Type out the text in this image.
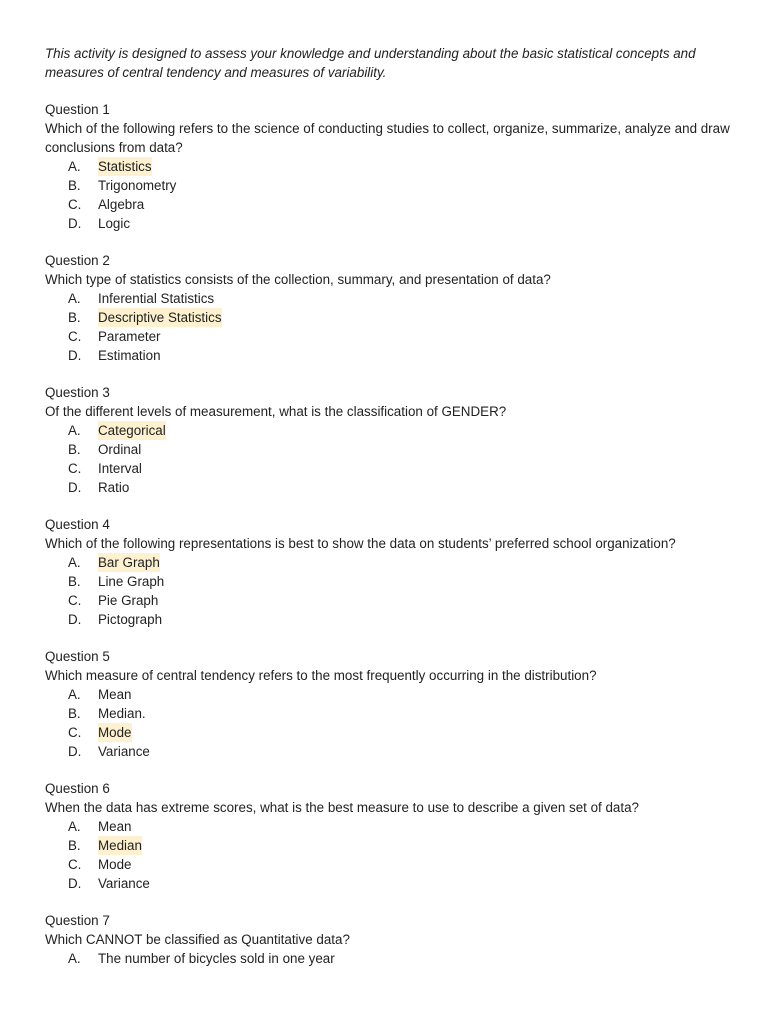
This activity is designed to assess your knowledge and understanding about the basic statistical concepts and measures of central tendency and measures of variability.

Question 1

Which of the following refers to the science of conducting studies to collect, organize, summarize, analyze and draw conclusions from data?

A.	Statistics
B.	Trigonometry
C.	Algebra
D.	Logic

Question 2

Which type of statistics consists of the collection, summary, and presentation of data?

A.	Inferential Statistics
B.	Descriptive Statistics
C.	Parameter
D.	Estimation

Question 3

Of the different levels of measurement, what is the classification of GENDER?

A.	Categorical
B.	Ordinal
C.	Interval
D.	Ratio

Question 4

Which of the following representations is best to show the data on students’ preferred school organization?

A.	Bar Graph
B.	Line Graph
C.	Pie Graph
D.	Pictograph

Question 5

Which measure of central tendency refers to the most frequently occurring in the distribution?

A.	Mean
B.	Median.
C.	Mode
D.	Variance

Question 6

When the data has extreme scores, what is the best measure to use to describe a given set of data?

A.	Mean
B.	Median
C.	Mode
D.	Variance

Question 7

Which CANNOT be classified as Quantitative data?

A.	The number of bicycles sold in one year
